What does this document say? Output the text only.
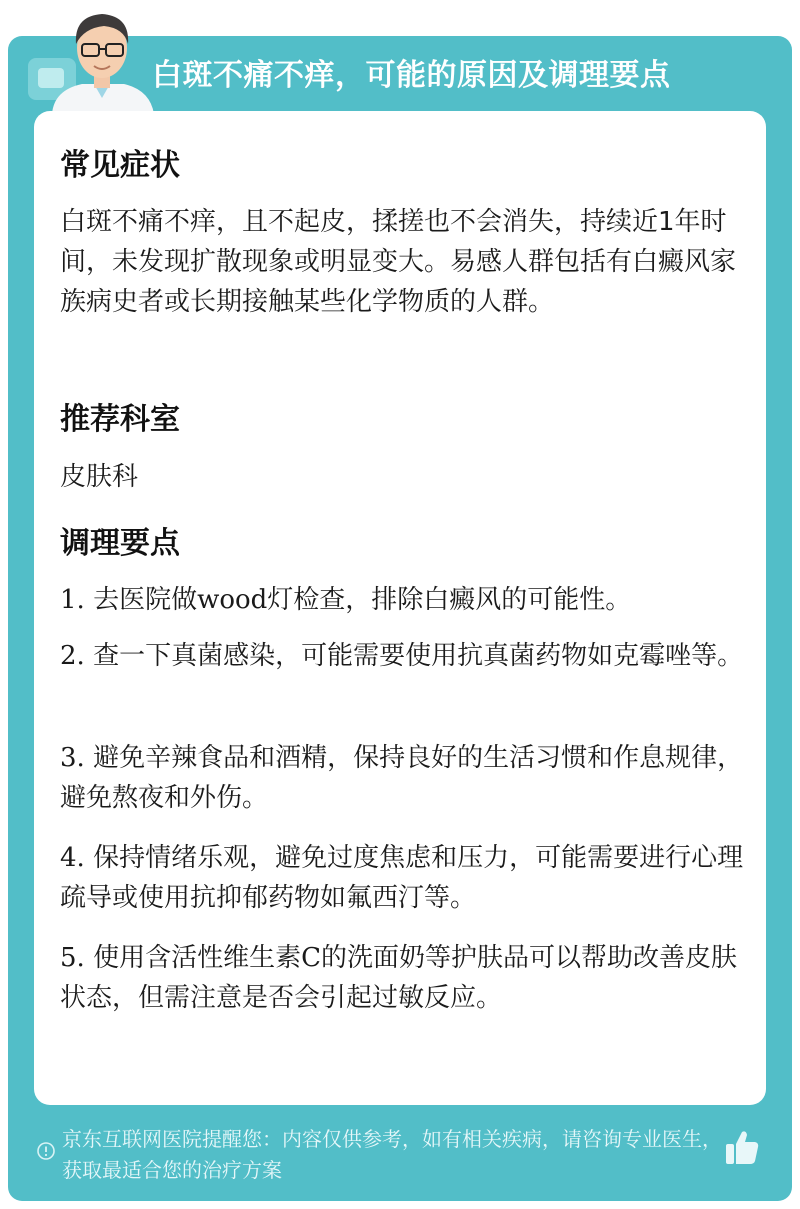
白斑不痛不痒，可能的原因及调理要点
常见症状
白斑不痛不痒，且不起皮，揉搓也不会消失，持续近1年时间，未发现扩散现象或明显变大。易感人群包括有白癜风家族病史者或长期接触某些化学物质的人群。
推荐科室
皮肤科
调理要点
1. 去医院做wood灯检查，排除白癜风的可能性。
2. 查一下真菌感染，可能需要使用抗真菌药物如克霉唑等。
3. 避免辛辣食品和酒精，保持良好的生活习惯和作息规律，避免熬夜和外伤。
4. 保持情绪乐观，避免过度焦虑和压力，可能需要进行心理疏导或使用抗抑郁药物如氟西汀等。
5. 使用含活性维生素C的洗面奶等护肤品可以帮助改善皮肤状态，但需注意是否会引起过敏反应。
京东互联网医院提醒您：内容仅供参考，如有相关疾病，请咨询专业医生，获取最适合您的治疗方案
